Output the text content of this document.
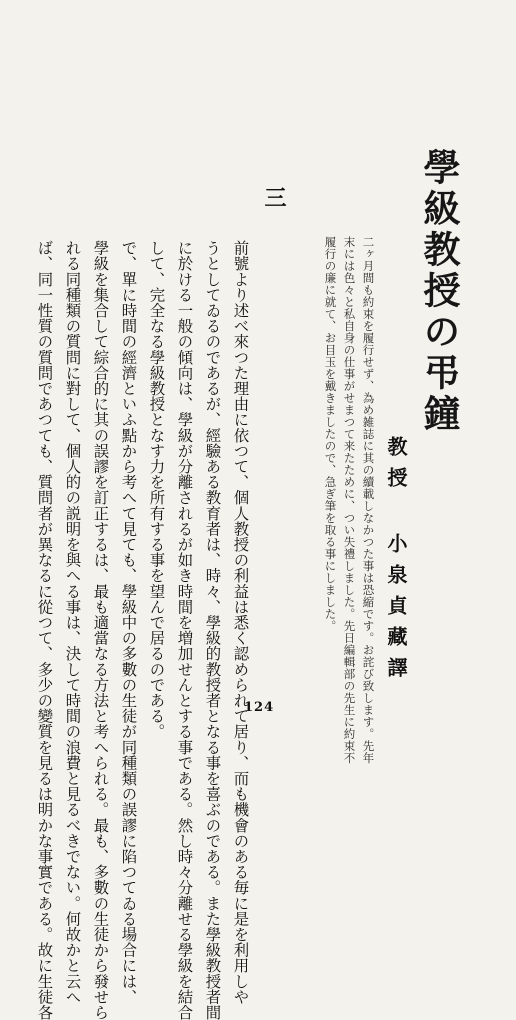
學級教授の弔鐘
教授 小泉貞藏譯
二ヶ月間も約束を履行せず、為め雑誌に其の續載しなかつた事は恐縮です。お詫び致します。先年
末には色々と私自身の仕事がせまつて来たために、つい失禮しました。先日編輯部の先生に約束不
履行の廉に就て、お目玉を戴きましたので、急ぎ筆を取る事にしました。
三
前號より述べ來つた理由に依つて、個人教授の利益は悉く認められて居り、而も機會のある毎に是を利用しや
うとしてゐるのであるが、經驗ある教育者は、時々、學級的教授者となる事を喜ぶのである。また學級教授者間
に於ける一般の傾向は、學級が分離されるが如き時間を増加せんとする事である。然し時々分離せる學級を結合
して、完全なる學級教授となす力を所有する事を望んで居るのである。
で、單に時間の經濟といふ點から考へて見ても、學級中の多數の生徒が同種類の誤謬に陷つてゐる場合には、
學級を集合して綜合的に其の誤謬を訂正するは、最も適當なる方法と考へられる。最も、多數の生徒から發せら
れる同種類の質問に對して、個人的の説明を與へる事は、決して時間の浪費と見るべきでない。何故かと云へ
ば、同一性質の質問であつても、質問者が異なるに從つて、多少の變質を見るは明かな事實である。故に生徒各	124
